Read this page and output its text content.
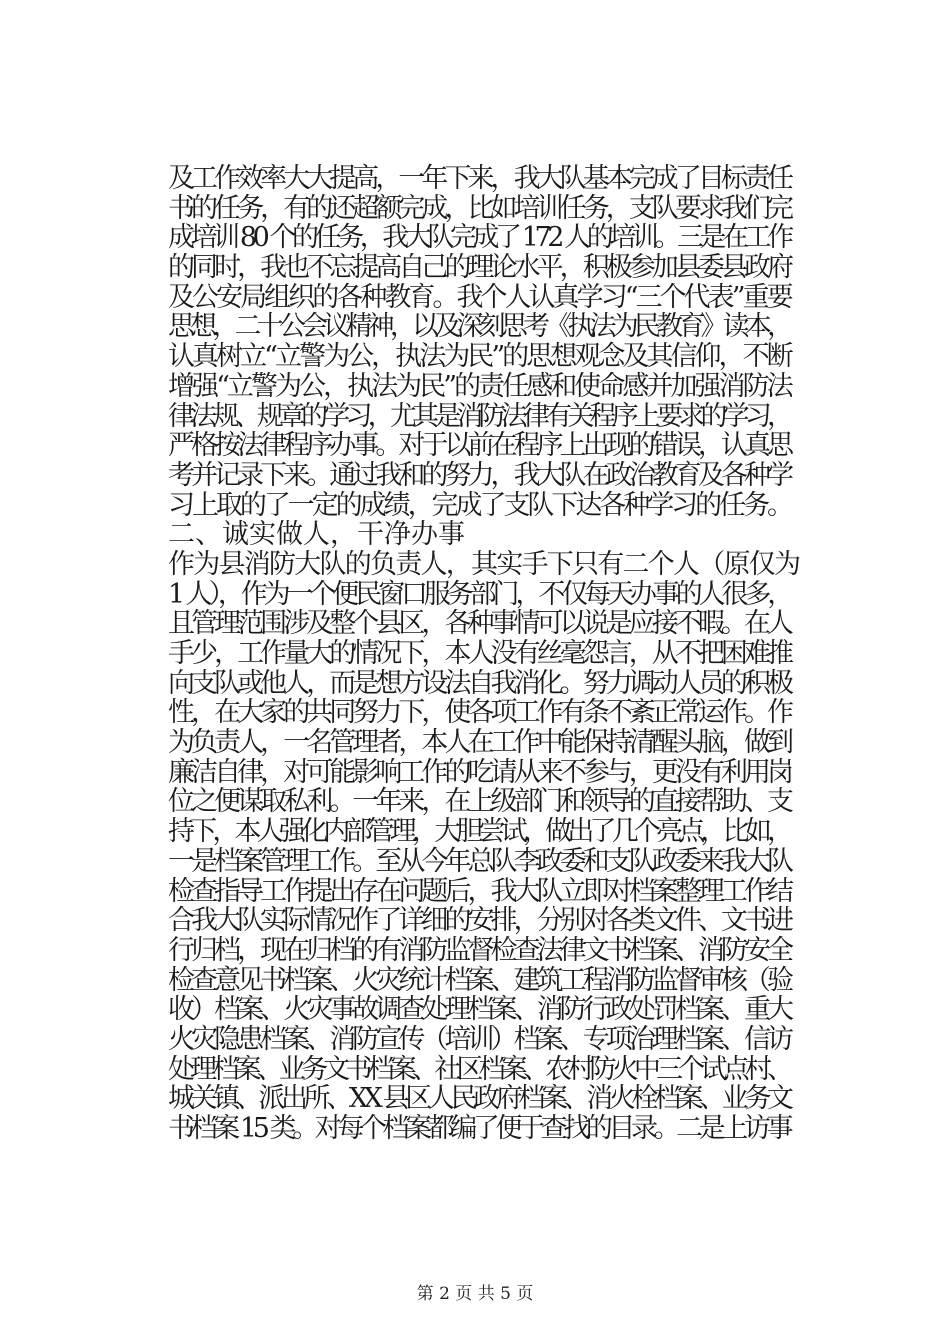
及工作效率大大提高，一年下来，我大队基本完成了目标责任
书的任务，有的还超额完成，比如培训任务，支队要求我们完
成培训 80 个的任务，我大队完成了 172 人的培训。三是在工作
的同时，我也不忘提高自己的理论水平，积极参加县委县政府
及公安局组织的各种教育。我个人认真学习“三个代表”重要
思想，二十公会议精神，以及深刻思考《执法为民教育》读本，
认真树立“立警为公，执法为民”的思想观念及其信仰，不断
增强“立警为公，执法为民”的责任感和使命感并加强消防法
律法规、规章的学习，尤其是消防法律有关程序上要求的学习，
严格按法律程序办事。对于以前在程序上出现的错误，认真思
考并记录下来。通过我和的努力，我大队在政治教育及各种学
习上取的了一定的成绩，完成了支队下达各种学习的任务。
二、诚实做人，干净办事
作为县消防大队的负责人，其实手下只有二个人（原仅为
1 人），作为一个便民窗口服务部门，不仅每天办事的人很多，
且管理范围涉及整个县区，各种事情可以说是应接不暇。在人
手少，工作量大的情况下，本人没有丝毫怨言，从不把困难推
向支队或他人，而是想方设法自我消化。努力调动人员的积极
性，在大家的共同努力下，使各项工作有条不紊正常运作。作
为负责人，一名管理者，本人在工作中能保持清醒头脑，做到
廉洁自律，对可能影响工作的吃请从来不参与，更没有利用岗
位之便谋取私利。一年来，在上级部门和领导的直接帮助、支
持下，本人强化内部管理，大胆尝试，做出了几个亮点，比如，
一是档案管理工作。至从今年总队李政委和支队政委来我大队
检查指导工作提出存在问题后，我大队立即对档案整理工作结
合我大队实际情况作了详细的安排，分别对各类文件、文书进
行归档，现在归档的有消防监督检查法律文书档案、消防安全
检查意见书档案、火灾统计档案、建筑工程消防监督审核（验
收）档案、火灾事故调查处理档案、消防行政处罚档案、重大
火灾隐患档案、消防宣传（培训）档案、专项治理档案、信访
处理档案、业务文书档案、社区档案、农村防火中三个试点村、
城关镇、派出所、XX 县区人民政府档案、消火栓档案、业务文
书档案 15 类。对每个档案都编了便于查找的目录。二是上访事
第 2 页 共 5 页
